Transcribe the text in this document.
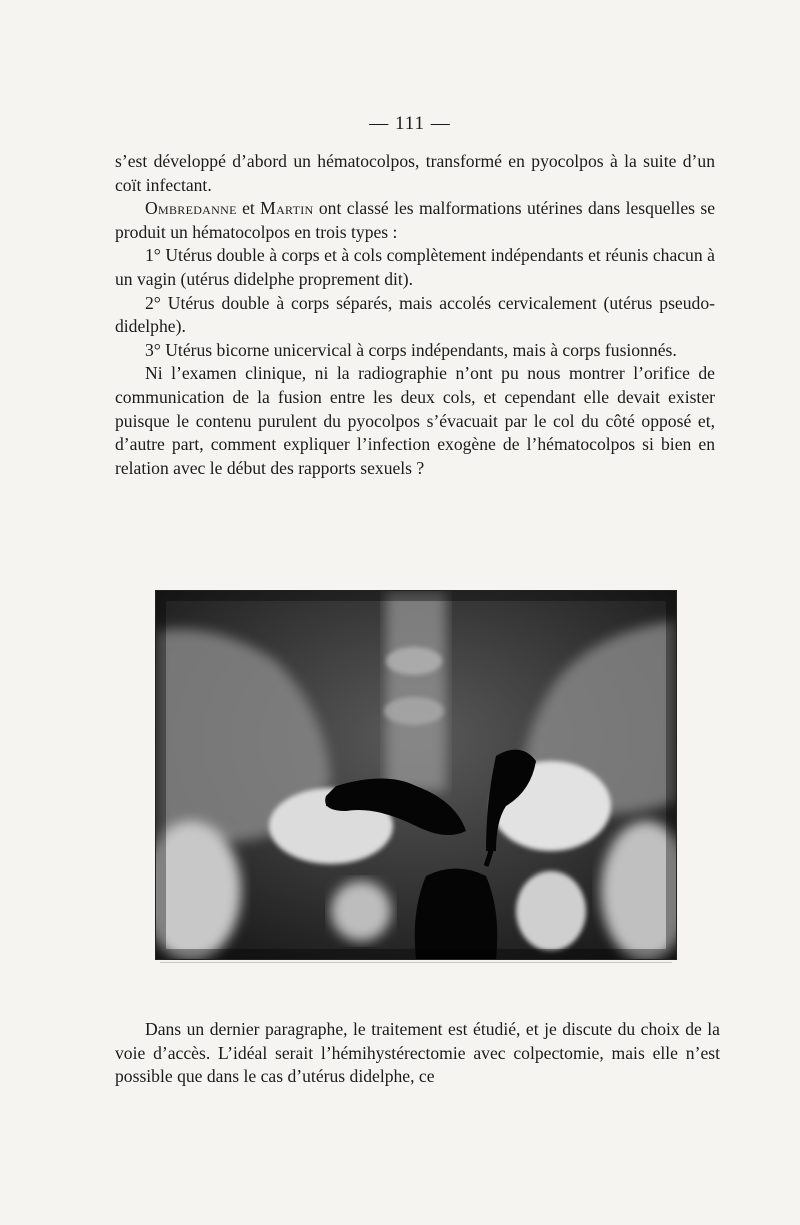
— 111 —

s’est développé d’abord un hématocolpos, transformé en pyocolpos à la suite d’un coït infectant.

Ombredanne et Martin ont classé les malformations utérines dans lesquelles se produit un hématocolpos en trois types :

1° Utérus double à corps et à cols complètement indépendants et réunis chacun à un vagin (utérus didelphe proprement dit).

2° Utérus double à corps séparés, mais accolés cervicalement (utérus pseudo-didelphe).

3° Utérus bicorne unicervical à corps indépendants, mais à corps fusionnés.

Ni l’examen clinique, ni la radiographie n’ont pu nous montrer l’orifice de communication de la fusion entre les deux cols, et cependant elle devait exister puisque le contenu purulent du pyocolpos s’évacuait par le col du côté opposé et, d’autre part, comment expliquer l’infection exogène de l’hématocolpos si bien en relation avec le début des rapports sexuels ?

Dans un dernier paragraphe, le traitement est étudié, et je discute du choix de la voie d’accès. L’idéal serait l’hémihystérectomie avec colpectomie, mais elle n’est possible que dans le cas d’utérus didelphe, ce
